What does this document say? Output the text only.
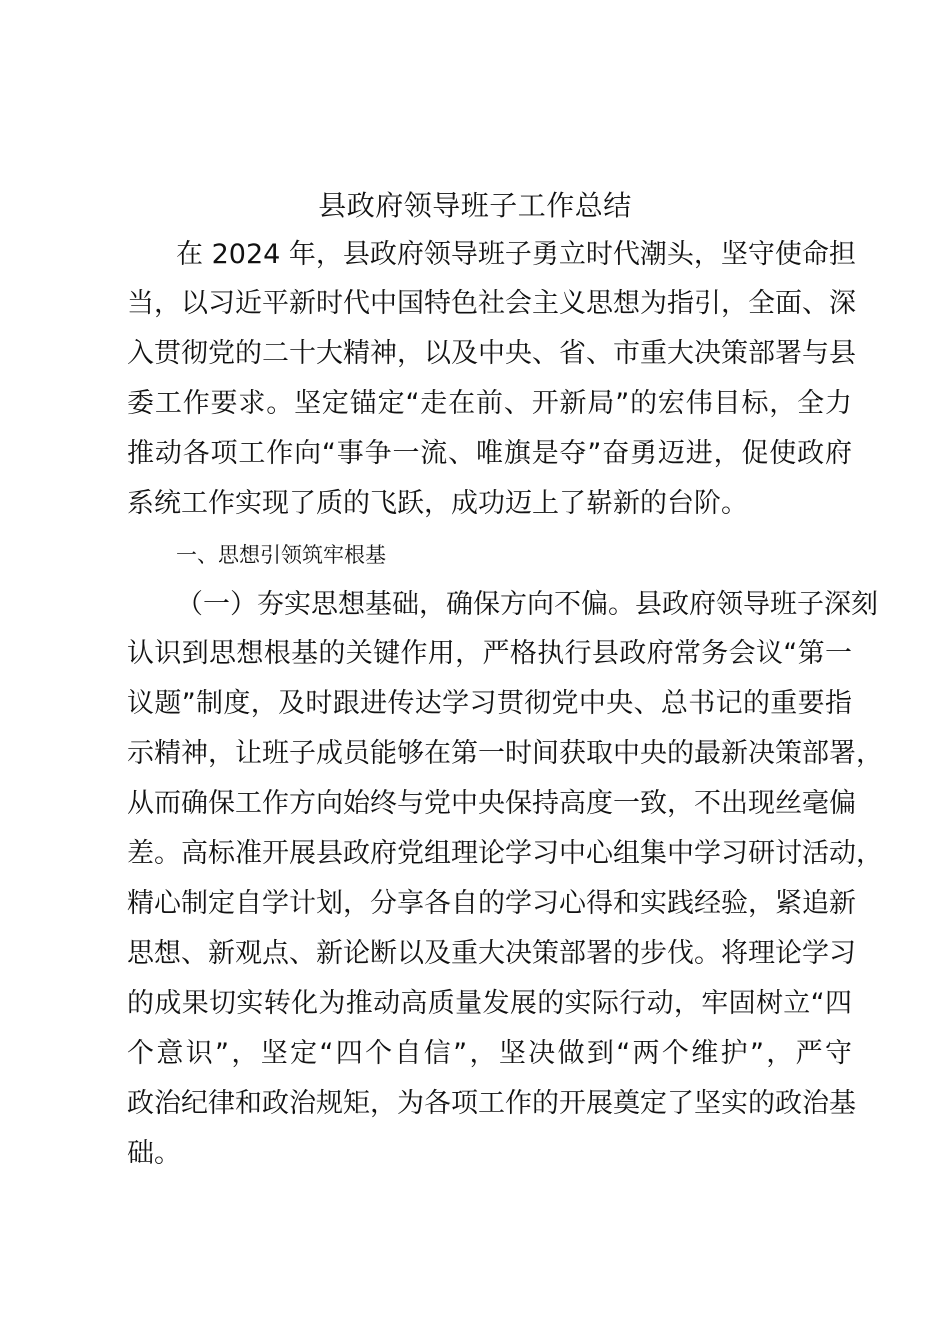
县政府领导班子工作总结

在 2024 年，县政府领导班子勇立时代潮头，坚守使命担

当，以习近平新时代中国特色社会主义思想为指引，全面、深

入贯彻党的二十大精神，以及中央、省、市重大决策部署与县

委工作要求。坚定锚定“走在前、开新局”的宏伟目标，全力

推动各项工作向“事争一流、唯旗是夺”奋勇迈进，促使政府

系统工作实现了质的飞跃，成功迈上了崭新的台阶。

一、思想引领筑牢根基

（一）夯实思想基础，确保方向不偏。县政府领导班子深刻

认识到思想根基的关键作用，严格执行县政府常务会议“第一

议题”制度，及时跟进传达学习贯彻党中央、总书记的重要指

示精神，让班子成员能够在第一时间获取中央的最新决策部署，

从而确保工作方向始终与党中央保持高度一致，不出现丝毫偏

差。高标准开展县政府党组理论学习中心组集中学习研讨活动，

精心制定自学计划，分享各自的学习心得和实践经验，紧追新

思想、新观点、新论断以及重大决策部署的步伐。将理论学习

的成果切实转化为推动高质量发展的实际行动，牢固树立“四

个意识”，坚定“四个自信”，坚决做到“两个维护”，严守

政治纪律和政治规矩，为各项工作的开展奠定了坚实的政治基

础。
